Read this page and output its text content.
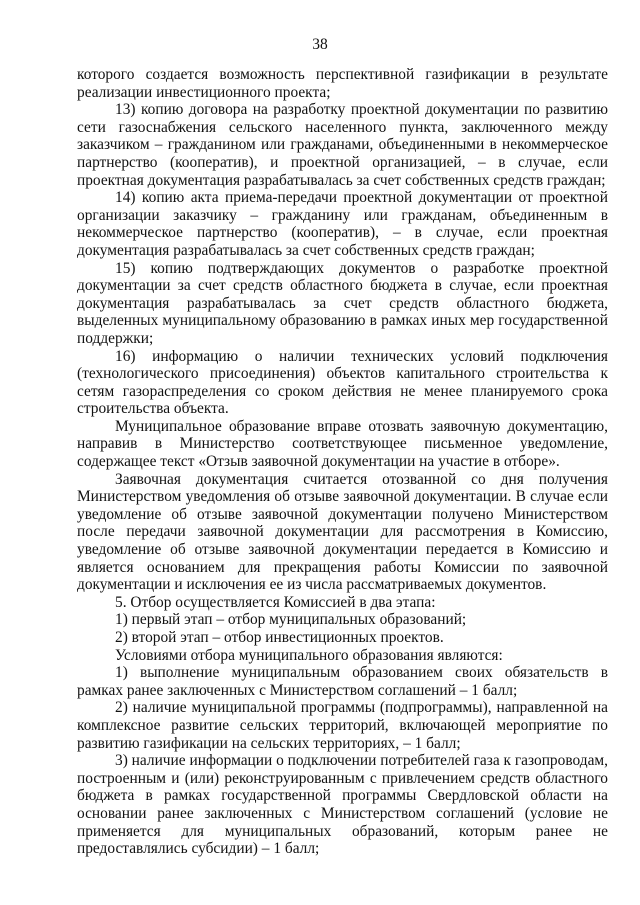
38

которого создается возможность перспективной газификации в результате реализации инвестиционного проекта;

13) копию договора на разработку проектной документации по развитию сети газоснабжения сельского населенного пункта, заключенного между заказчиком – гражданином или гражданами, объединенными в некоммерческое партнерство (кооператив), и проектной организацией, – в случае, если проектная документация разрабатывалась за счет собственных средств граждан;

14) копию акта приема-передачи проектной документации от проектной организации заказчику – гражданину или гражданам, объединенным в некоммерческое партнерство (кооператив), – в случае, если проектная документация разрабатывалась за счет собственных средств граждан;

15) копию подтверждающих документов о разработке проектной документации за счет средств областного бюджета в случае, если проектная документация разрабатывалась за счет средств областного бюджета, выделенных муниципальному образованию в рамках иных мер государственной поддержки;

16) информацию о наличии технических условий подключения (технологического присоединения) объектов капитального строительства к сетям газораспределения со сроком действия не менее планируемого срока строительства объекта.

Муниципальное образование вправе отозвать заявочную документацию, направив в Министерство соответствующее письменное уведомление, содержащее текст «Отзыв заявочной документации на участие в отборе».

Заявочная документация считается отозванной со дня получения Министерством уведомления об отзыве заявочной документации. В случае если уведомление об отзыве заявочной документации получено Министерством после передачи заявочной документации для рассмотрения в Комиссию, уведомление об отзыве заявочной документации передается в Комиссию и является основанием для прекращения работы Комиссии по заявочной документации и исключения ее из числа рассматриваемых документов.

5. Отбор осуществляется Комиссией в два этапа:

1) первый этап – отбор муниципальных образований;

2) второй этап – отбор инвестиционных проектов.

Условиями отбора муниципального образования являются:

1) выполнение муниципальным образованием своих обязательств в рамках ранее заключенных с Министерством соглашений – 1 балл;

2) наличие муниципальной программы (подпрограммы), направленной на комплексное развитие сельских территорий, включающей мероприятие по развитию газификации на сельских территориях, – 1 балл;

3) наличие информации о подключении потребителей газа к газопроводам, построенным и (или) реконструированным с привлечением средств областного бюджета в рамках государственной программы Свердловской области на основании ранее заключенных с Министерством соглашений (условие не применяется для муниципальных образований, которым ранее не предоставлялись субсидии) – 1 балл;
